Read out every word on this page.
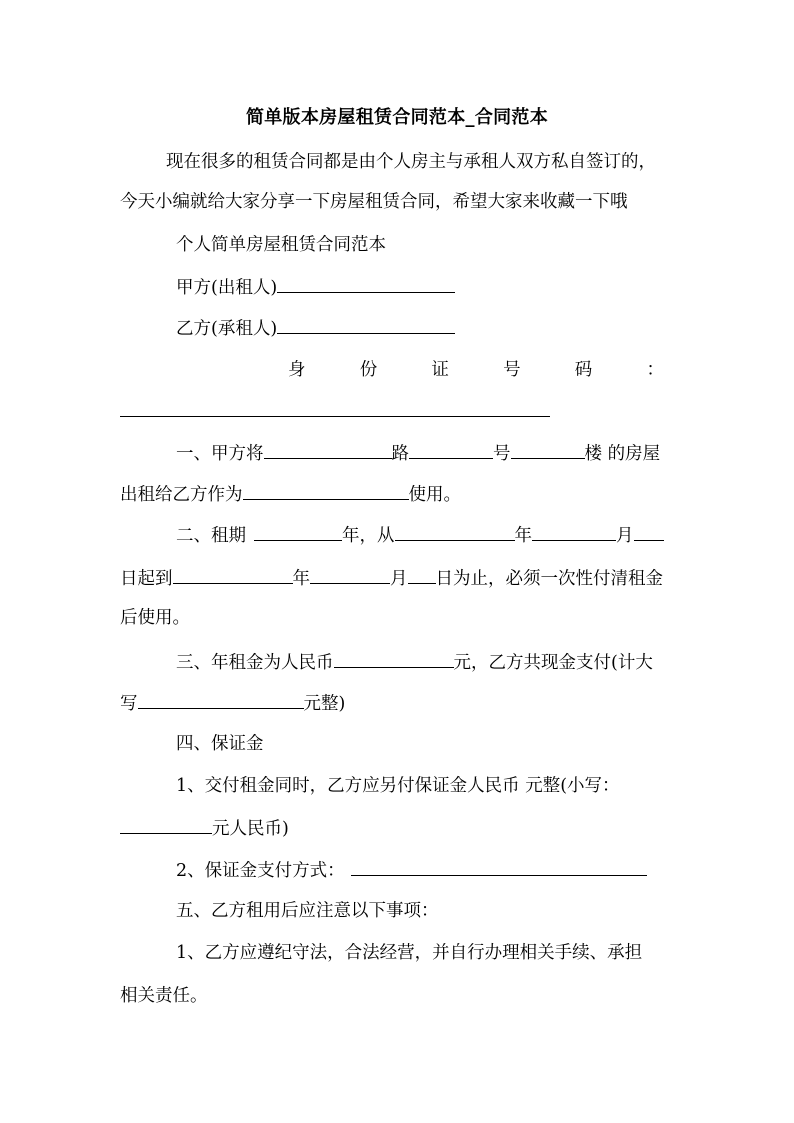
简单版本房屋租赁合同范本_合同范本
现在很多的租赁合同都是由个人房主与承租人双方私自签订的，
今天小编就给大家分享一下房屋租赁合同，希望大家来收藏一下哦
个人简单房屋租赁合同范本
甲方(出租人)
乙方(承租人)
身	份	证	号	码	：
一、甲方将	路	号	楼 的房屋
出租给乙方作为	使用。
二、租期	年，从	年	月
日起到	年	月 日为止，必须一次性付清租金
后使用。
三、年租金为人民币	元，乙方共现金支付(计大
写	元整)
四、保证金
1、交付租金同时，乙方应另付保证金人民币 元整(小写：
元人民币)
2、保证金支付方式：
五、乙方租用后应注意以下事项：
1、乙方应遵纪守法，合法经营，并自行办理相关手续、承担
相关责任。
